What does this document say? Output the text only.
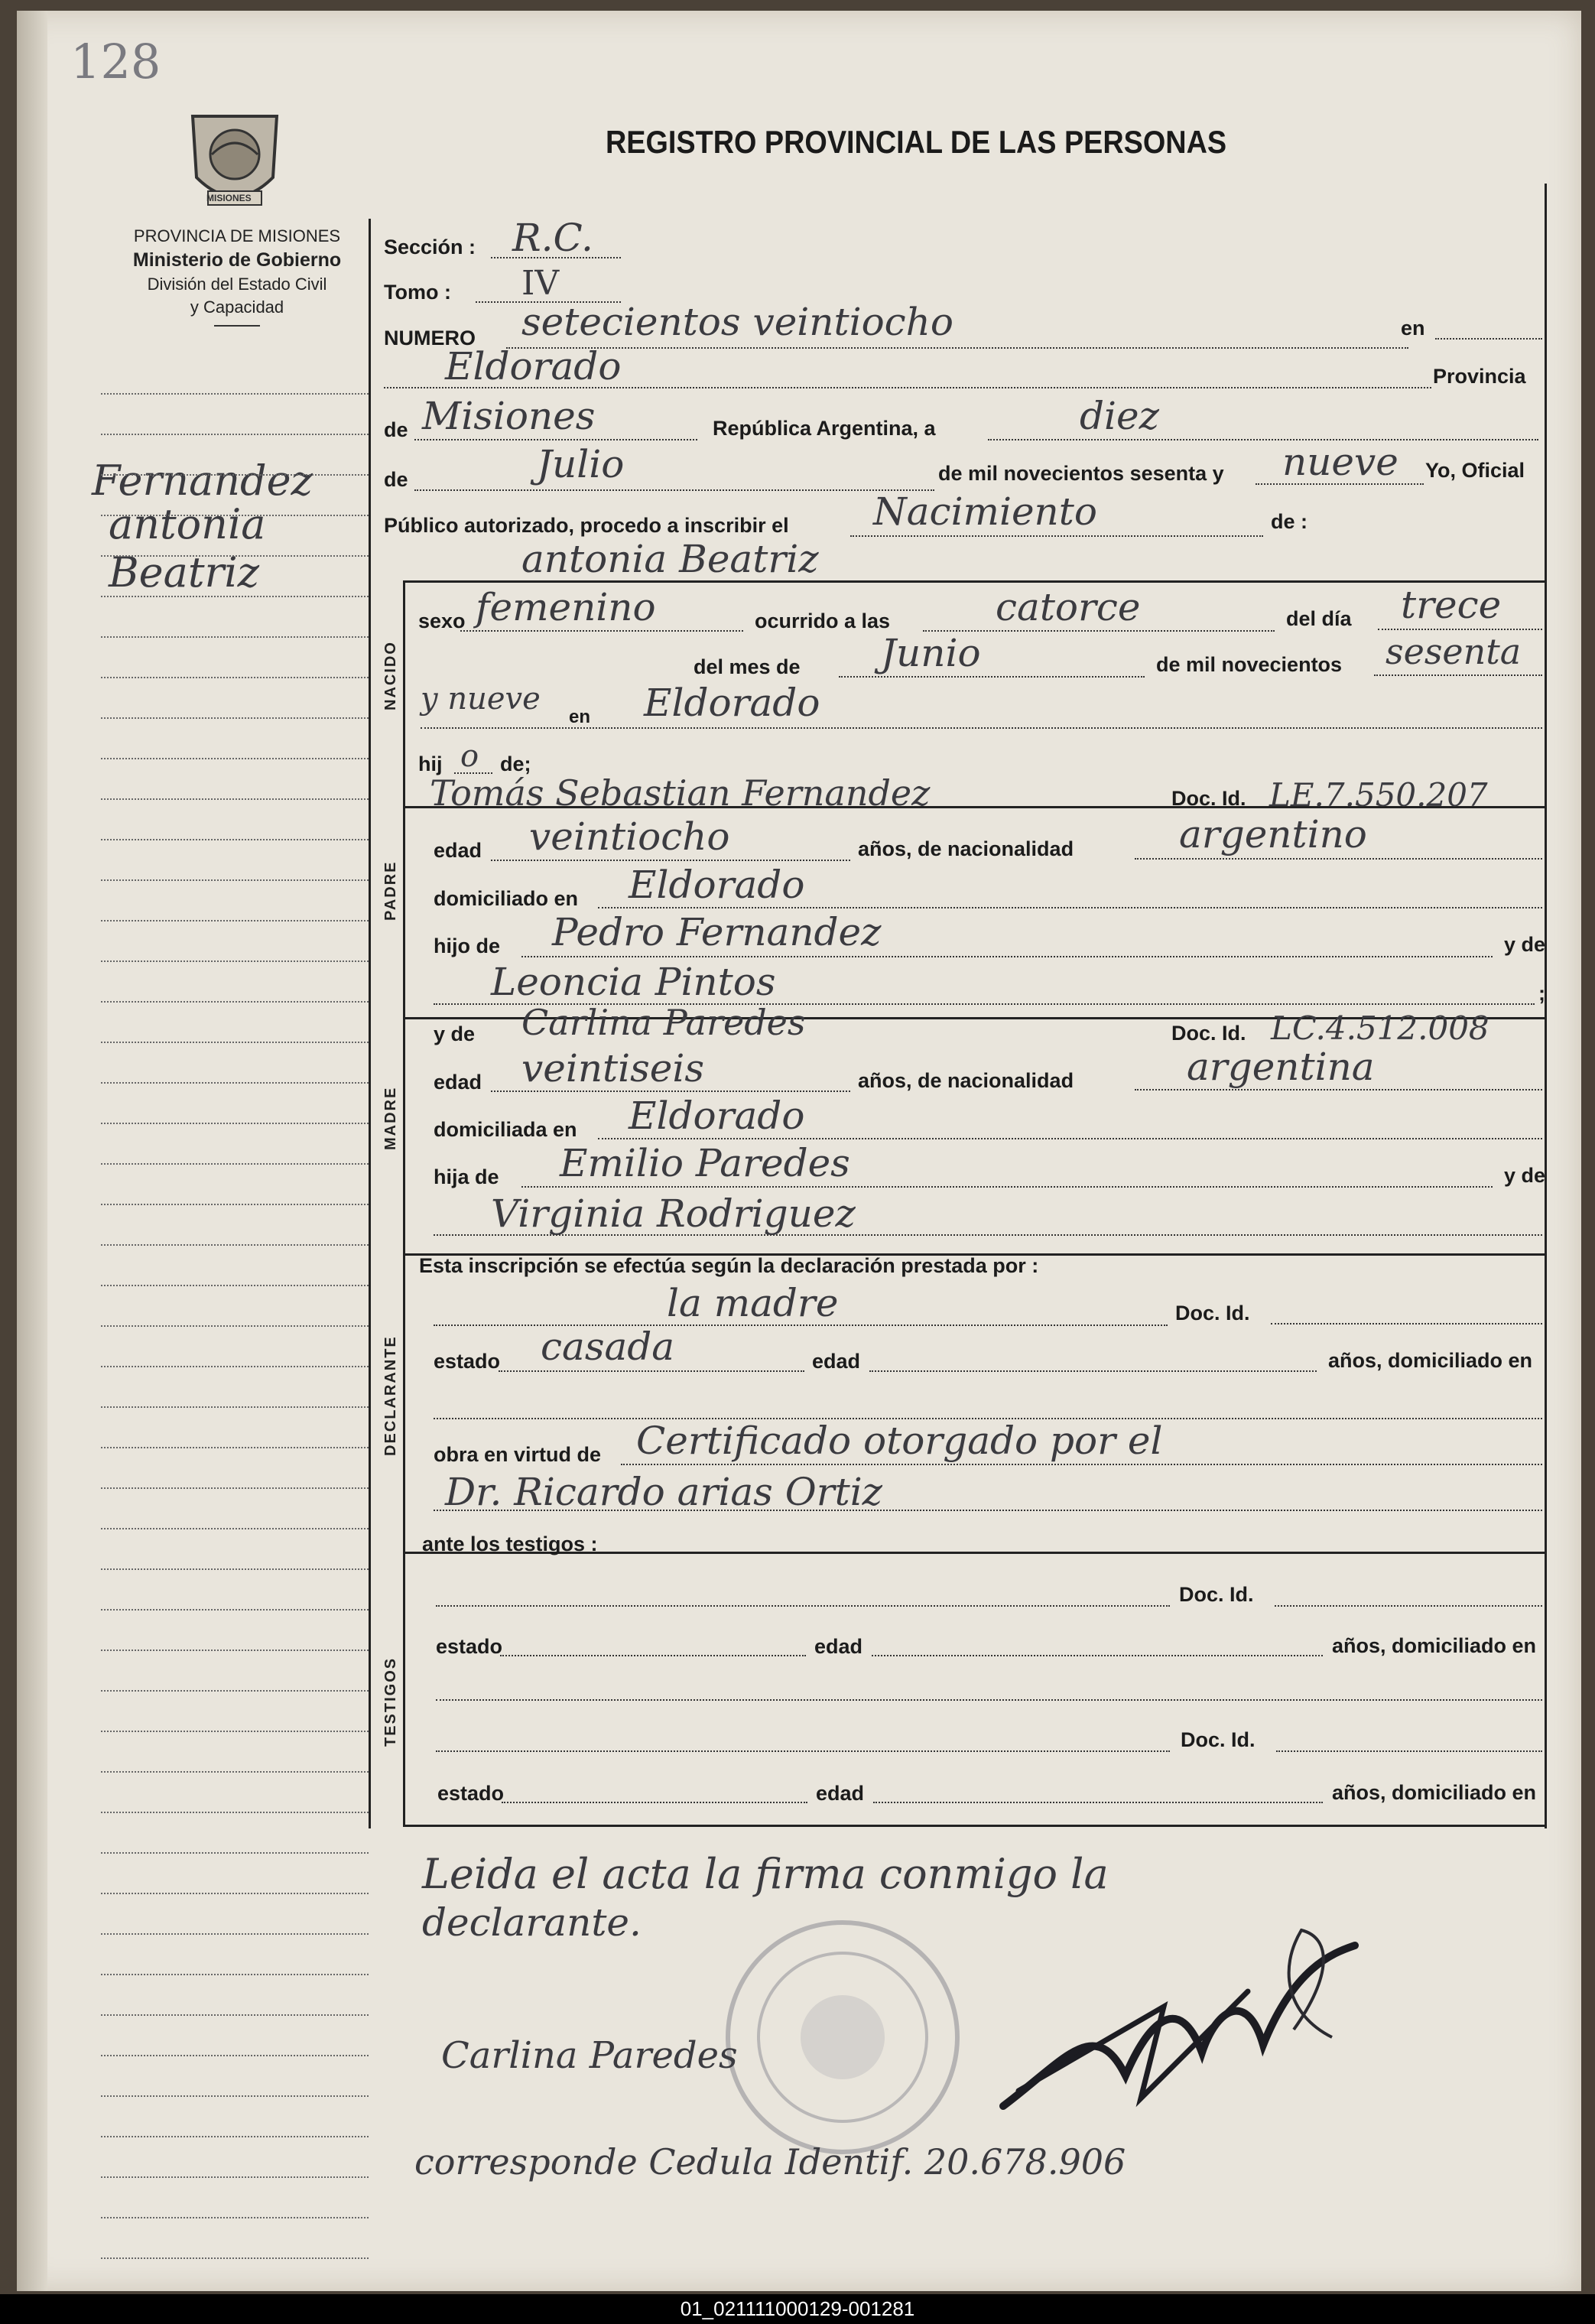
128
MISIONES
PROVINCIA DE MISIONES
Ministerio de Gobierno
División del Estado Civil
y Capacidad
REGISTRO PROVINCIAL DE LAS PERSONAS
Fernandez
antonia
Beatriz
NACIDO
PADRE
MADRE
DECLARANTE
TESTIGOS
Sección : R.C.
Tomo : IV
NUMERO setecientos veintiocho	en
Eldorado	Provincia
de Misiones	República Argentina, a	diez
de	Julio	de mil novecientos sesenta y nueve Yo, Oficial
Público autorizado, procedo a inscribir el Nacimiento	de :
antonia Beatriz
sexo femenino	ocurrido a las	catorce	del día trece
del mes de Junio	de mil novecientos sesenta
y nueve
en Eldorado
hij o de;
Tomás Sebastian Fernandez	Doc. Id. LE.7.550.207
edad veintiocho	años, de nacionalidad	argentino
domiciliado en Eldorado
hijo de Pedro Fernandez	y de
Leoncia Pintos	;
y de Carlina Paredes	Doc. Id. LC.4.512.008
edad veintiseis	años, de nacionalidad	argentina
domiciliada en Eldorado
hija de Emilio Paredes	y de
Virginia Rodriguez
Esta inscripción se efectúa según la declaración prestada por :
la madre	Doc. Id.
estado casada	edad	años, domiciliado en
obra en virtud de Certificado otorgado por el
Dr. Ricardo arias Ortiz
ante los testigos :
Doc. Id.
estado	edad	años, domiciliado en
Doc. Id.
estado	edad	años, domiciliado en
Leida el acta la firma conmigo la
declarante.
Carlina Paredes
corresponde Cedula Identif. 20.678.906
01_021111000129-001281
